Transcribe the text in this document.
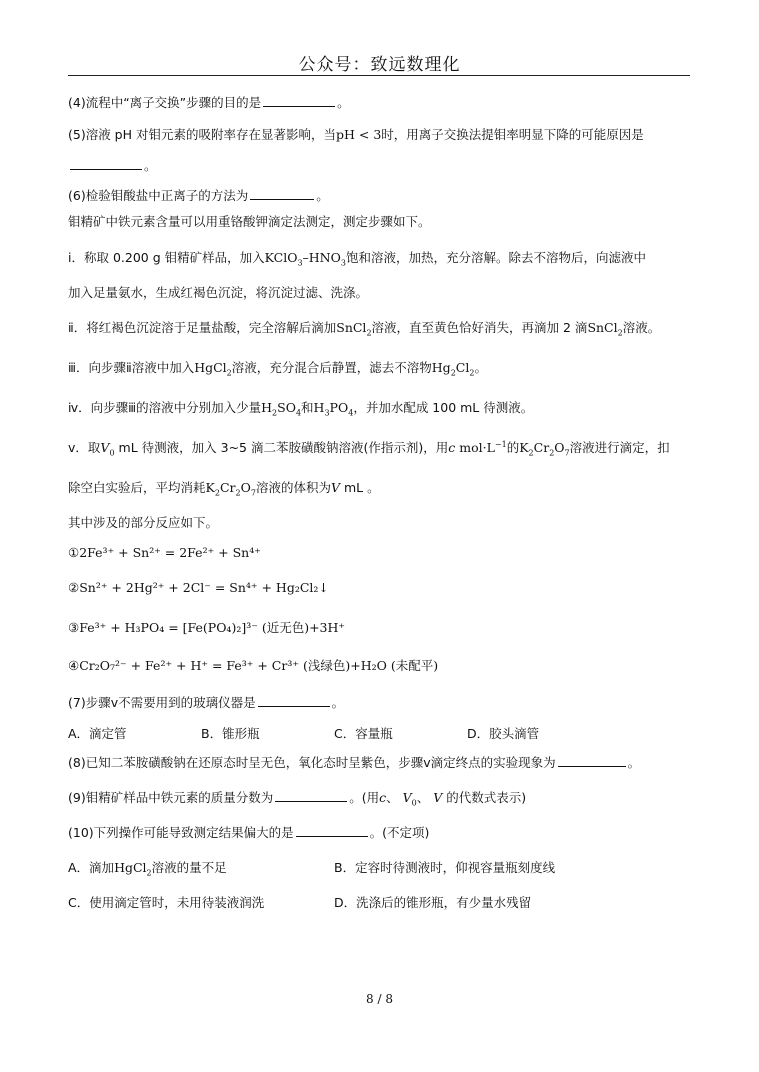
公众号：致远数理化
(4)流程中“离子交换”步骤的目的是	。
(5)溶液 pH 对钼元素的吸附率存在显著影响，当pH < 3时，用离子交换法提钼率明显下降的可能原因是
。
(6)检验钼酸盐中正离子的方法为	。
钼精矿中铁元素含量可以用重铬酸钾滴定法测定，测定步骤如下。
ⅰ．称取 0.200 g 钼精矿样品，加入$KClO_3-HNO_3$饱和溶液，加热，充分溶解。除去不溶物后，向滤液中
加入足量氨水，生成红褐色沉淀，将沉淀过滤、洗涤。
ⅱ．将红褐色沉淀溶于足量盐酸，完全溶解后滴加SnCl$_2$溶液，直至黄色恰好消失，再滴加 2 滴SnCl$_2$溶液。
ⅲ．向步骤ⅱ溶液中加入HgCl$_2$溶液，充分混合后静置，滤去不溶物$Hg_2Cl_2$。
ⅳ．向步骤ⅲ的溶液中分别加入少量$H_2SO_4$和$H_3PO_4$，并加水配成 100 mL 待测液。
ⅴ．取$V_0$ mL 待测液，加入 3~5 滴二苯胺磺酸钠溶液(作指示剂)，用c $mol\cdot L^{-1}$的$K_2Cr_2O_7$溶液进行滴定，扣
除空白实验后，平均消耗$K_2Cr_2O_7$溶液的体积为V mL 。
其中涉及的部分反应如下。
①2Fe³⁺ + Sn²⁺ = 2Fe²⁺ + Sn⁴⁺
②Sn²⁺ + 2Hg²⁺ + 2Cl⁻ = Sn⁴⁺ + Hg₂Cl₂↓
③Fe³⁺ + H₃PO₄ = [Fe(PO₄)₂]³⁻ (近无色)+3H⁺
④Cr₂O₇²⁻ + Fe²⁺ + H⁺ = Fe³⁺ + Cr³⁺ (浅绿色)+H₂O (未配平)
(7)步骤ⅴ不需要用到的玻璃仪器是	。
A．滴定管	B．锥形瓶	C．容量瓶	D．胶头滴管
(8)已知二苯胺磺酸钠在还原态时呈无色，氧化态时呈紫色，步骤ⅴ滴定终点的实验现象为	。
(9)钼精矿样品中铁元素的质量分数为	。(用c、 $V_0$、 V 的代数式表示)
(10)下列操作可能导致测定结果偏大的是	。(不定项)
A．滴加HgCl$_2$溶液的量不足	B．定容时待测液时，仰视容量瓶刻度线
C．使用滴定管时，未用待装液润洗	D．洗涤后的锥形瓶，有少量水残留
8 / 8
